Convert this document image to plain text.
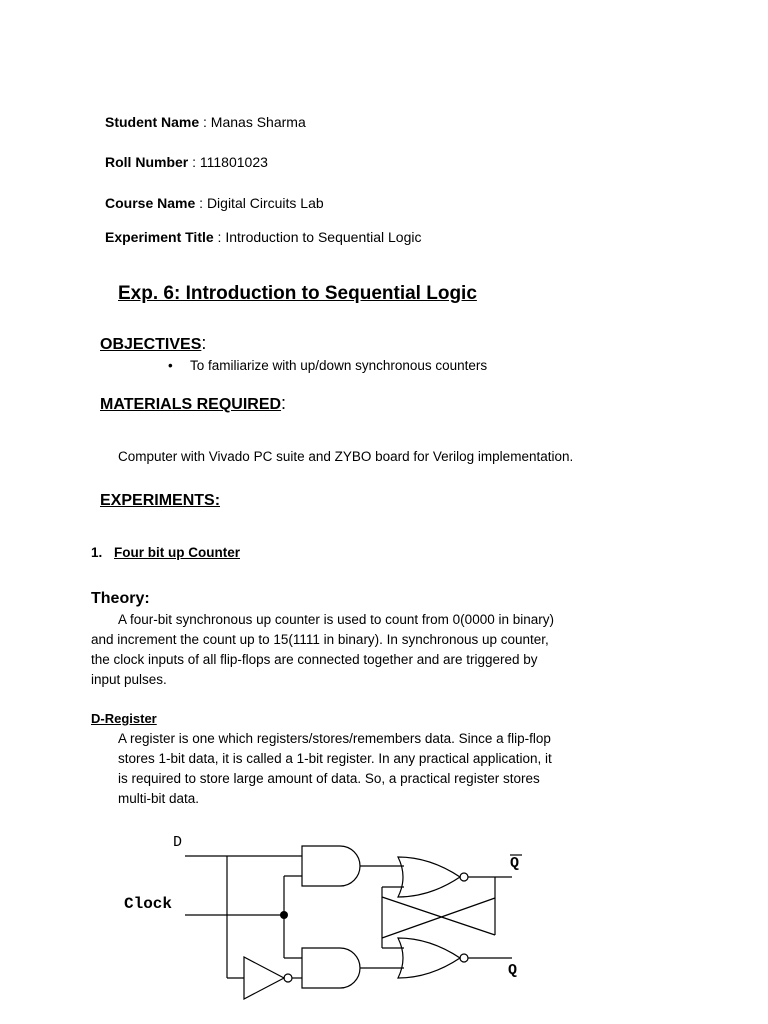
Student Name : Manas Sharma
Roll Number : 111801023
Course Name : Digital Circuits Lab
Experiment Title : Introduction to Sequential Logic
Exp. 6: Introduction to Sequential Logic
OBJECTIVES:
• To familiarize with up/down synchronous counters
MATERIALS REQUIRED:
Computer with Vivado PC suite and ZYBO board for Verilog implementation.
EXPERIMENTS:
1. Four bit up Counter
Theory:
A four-bit synchronous up counter is used to count from 0(0000 in binary)
and increment the count up to 15(1111 in binary). In synchronous up counter,
the clock inputs of all flip-flops are connected together and are triggered by
input pulses.
D-Register
A register is one which registers/stores/remembers data. Since a flip-flop
stores 1-bit data, it is called a 1-bit register. In any practical application, it
is required to store large amount of data. So, a practical register stores
multi-bit data.
D
Clock
Q
Q
